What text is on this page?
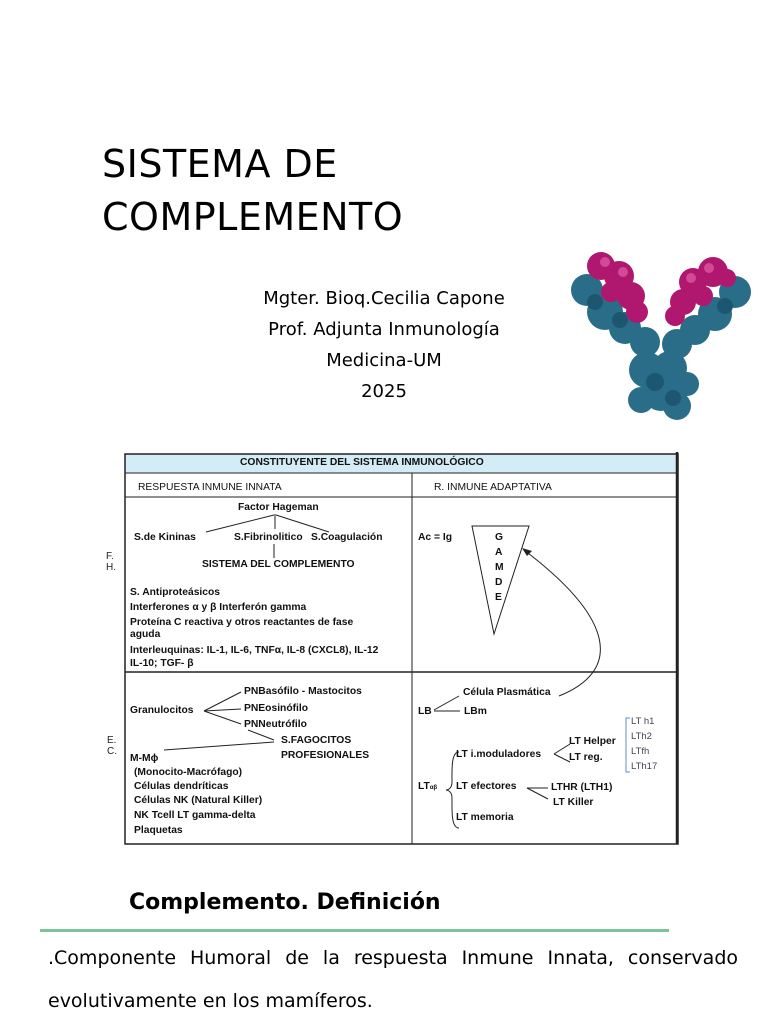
SISTEMA DE
COMPLEMENTO
Mgter. Bioq.Cecilia Capone
Prof. Adjunta Inmunología
Medicina-UM
2025
CONSTITUYENTE DEL SISTEMA INMUNOLÓGICO
RESPUESTA INMUNE INNATA	R. INMUNE ADAPTATIVA
F.
H.
E.
C.
Factor Hageman
S.de Kininas	S.Fibrinolitico S.Coagulación
SISTEMA DEL COMPLEMENTO
S. Antiproteásicos
Interferones α y β Interferón gamma
Proteína C reactiva y otros reactantes de fase
aguda
Interleuquinas: IL-1, IL-6, TNFα, IL-8 (CXCL8), IL-12
IL-10; TGF- β
Granulocitos
PNBasófilo - Mastocitos
PNEosinófilo
PNNeutrófilo
S.FAGOCITOS
PROFESIONALES
M-Mϕ
(Monocito-Macrófago)
Células dendríticas
Células NK (Natural Killer)
NK Tcell LT gamma-delta
Plaquetas
Ac = Ig	G
A
M
D
E
Célula Plasmática
LB	LBm
LTαβ
LT i.moduladores
LT Helper
LT reg.
LT efectores	LTHR (LTH1)
LT Killer
LT memoria
LT h1
LTh2
LTfh
LTh17
Complemento. Definición
.Componente Humoral de la respuesta Inmune Innata, conservado
evolutivamente en los mamíferos.
